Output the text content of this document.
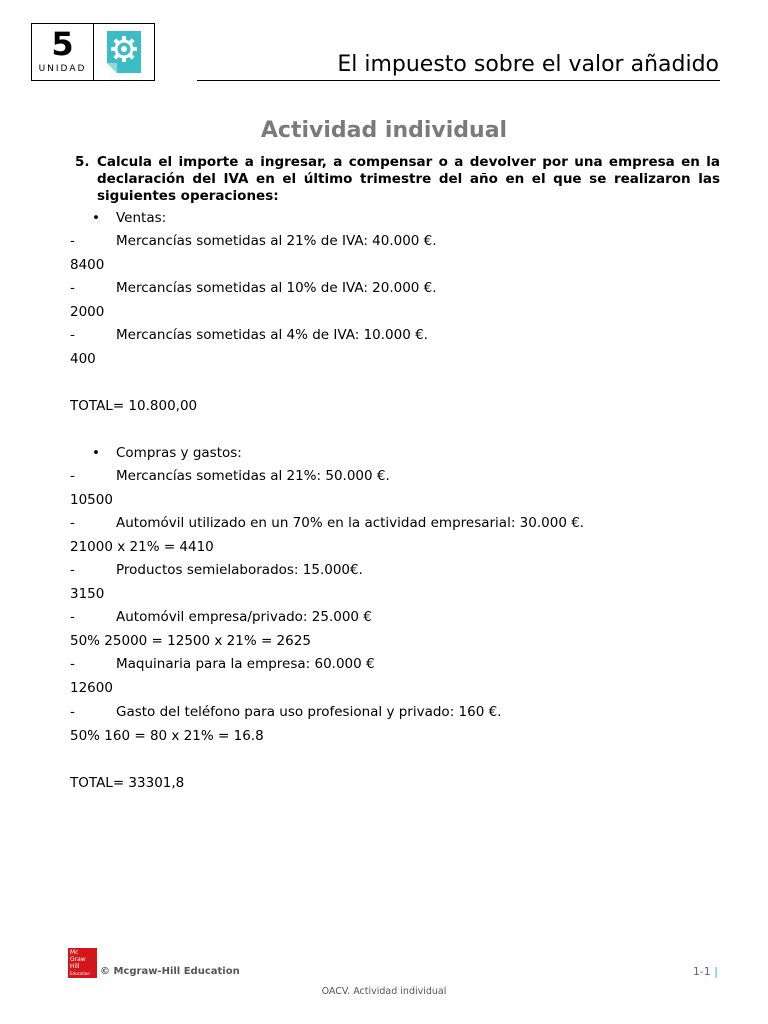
5
UNIDAD	El impuesto sobre el valor añadido
Actividad individual
5. Calcula el importe a ingresar, a compensar o a devolver por una empresa en la declaración del IVA en el último trimestre del año en el que se realizaron las siguientes operaciones:
• Ventas:
-	Mercancías sometidas al 21% de IVA: 40.000 €.
8400
-	Mercancías sometidas al 10% de IVA: 20.000 €.
2000
-	Mercancías sometidas al 4% de IVA: 10.000 €.
400
TOTAL= 10.800,00
• Compras y gastos:
-	Mercancías sometidas al 21%: 50.000 €.
10500
-	Automóvil utilizado en un 70% en la actividad empresarial: 30.000 €.
21000 x 21% = 4410
-	Productos semielaborados: 15.000€.
3150
-	Automóvil empresa/privado: 25.000 €
50% 25000 = 12500 x 21% = 2625
-	Maquinaria para la empresa: 60.000 €
12600
-	Gasto del teléfono para uso profesional y privado: 160 €.
50% 160 = 80 x 21% = 16.8
TOTAL= 33301,8
Mc
Graw
Hill
Education © Mcgraw-Hill Education	1-1 |
OACV. Actividad individual
